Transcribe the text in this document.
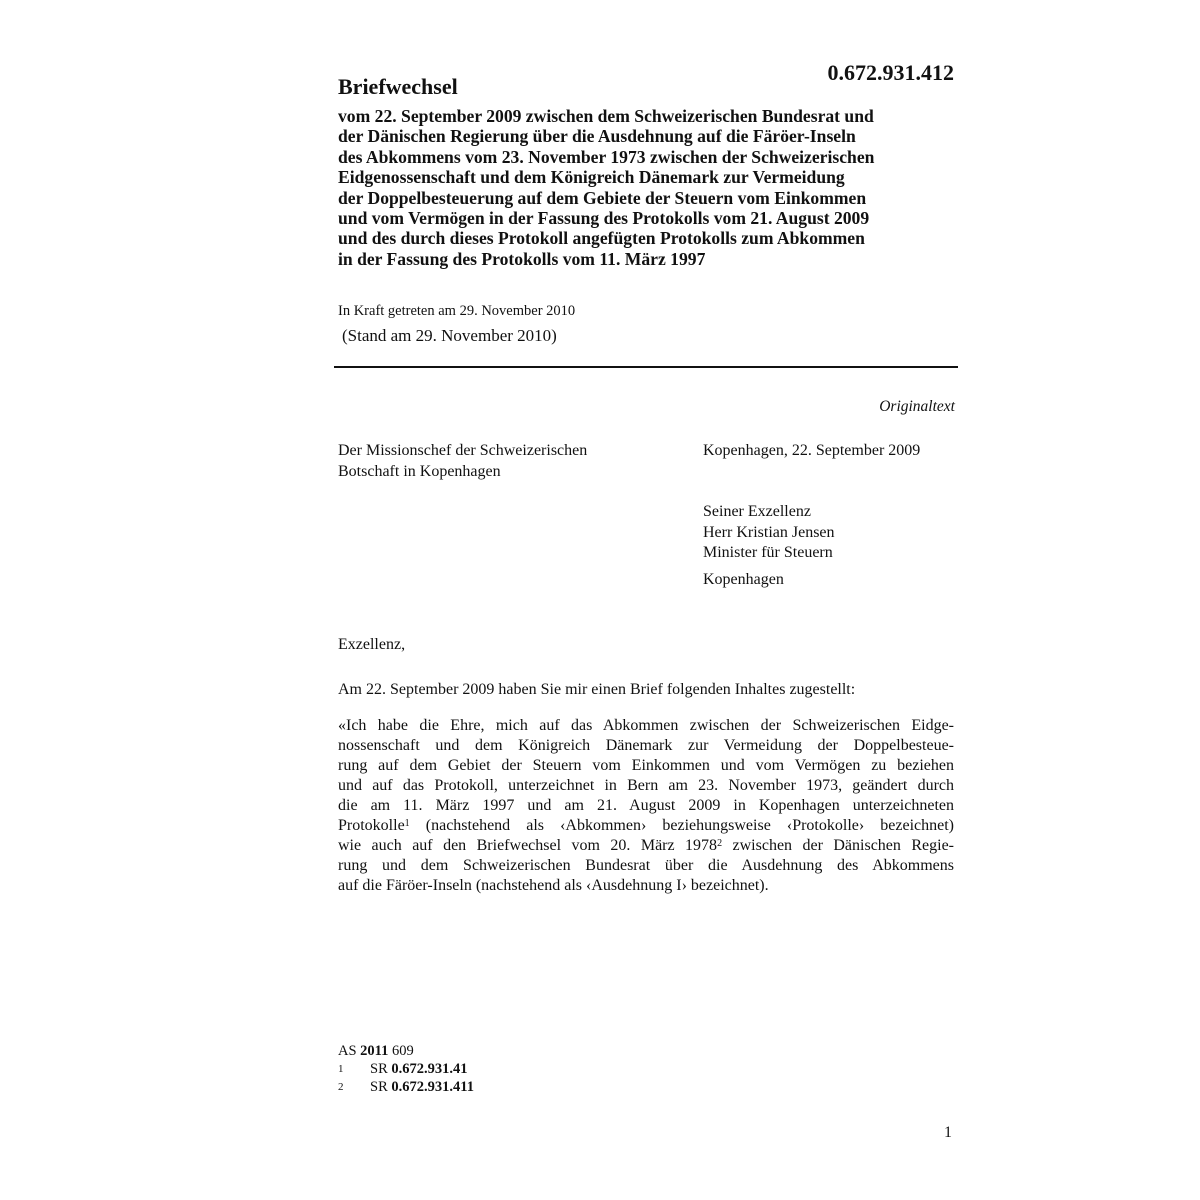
Briefwechsel
0.672.931.412
vom 22. September 2009 zwischen dem Schweizerischen Bundesrat und
der Dänischen Regierung über die Ausdehnung auf die Färöer-Inseln
des Abkommens vom 23. November 1973 zwischen der Schweizerischen
Eidgenossenschaft und dem Königreich Dänemark zur Vermeidung
der Doppelbesteuerung auf dem Gebiete der Steuern vom Einkommen
und vom Vermögen in der Fassung des Protokolls vom 21. August 2009
und des durch dieses Protokoll angefügten Protokolls zum Abkommen
in der Fassung des Protokolls vom 11. März 1997
In Kraft getreten am 29. November 2010
(Stand am 29. November 2010)
Originaltext
Der Missionschef der Schweizerischen
Botschaft in Kopenhagen
Kopenhagen, 22. September 2009
Seiner Exzellenz
Herr Kristian Jensen
Minister für Steuern
Kopenhagen
Exzellenz,
Am 22. September 2009 haben Sie mir einen Brief folgenden Inhaltes zugestellt:
«Ich habe die Ehre, mich auf das Abkommen zwischen der Schweizerischen Eidge-
nossenschaft und dem Königreich Dänemark zur Vermeidung der Doppelbesteue-
rung auf dem Gebiet der Steuern vom Einkommen und vom Vermögen zu beziehen
und auf das Protokoll, unterzeichnet in Bern am 23. November 1973, geändert durch
die am 11. März 1997 und am 21. August 2009 in Kopenhagen unterzeichneten
Protokolle$^1$ (nachstehend als ‹Abkommen› beziehungsweise ‹Protokolle› bezeichnet)
wie auch auf den Briefwechsel vom 20. März 1978$^2$ zwischen der Dänischen Regie-
rung und dem Schweizerischen Bundesrat über die Ausdehnung des Abkommens
auf die Färöer-Inseln (nachstehend als ‹Ausdehnung I› bezeichnet).
AS 2011 609
1 SR 0.672.931.41
2 SR 0.672.931.411
1
